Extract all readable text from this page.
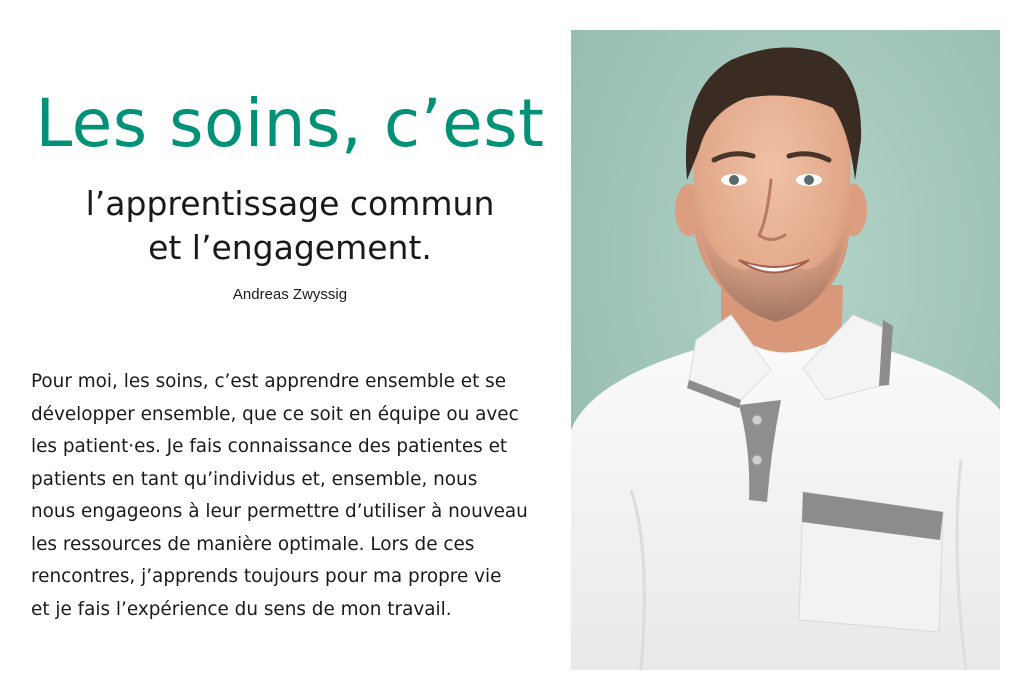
Les soins, c’est
l’apprentissage commun
et l’engagement.
Andreas Zwyssig

Pour moi, les soins, c’est apprendre ensemble et se
développer ensemble, que ce soit en équipe ou avec
les patient·es. Je fais connaissance des patientes et
patients en tant qu’individus et, ensemble, nous
nous engageons à leur permettre d’utiliser à nouveau
les ressources de manière optimale. Lors de ces
rencontres, j’apprends toujours pour ma propre vie
et je fais l’expérience du sens de mon travail.
